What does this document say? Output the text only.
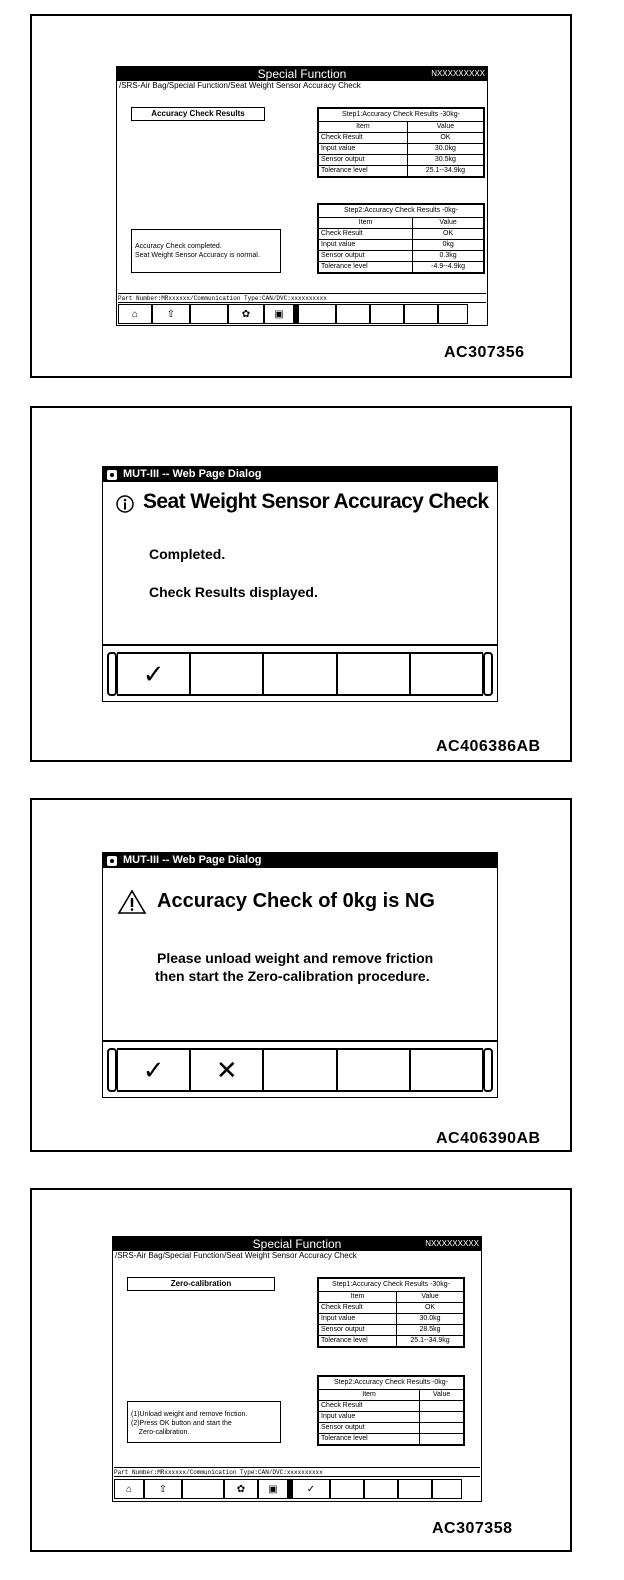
Special Function	NXXXXXXXXX
/SRS-Air Bag/Special Function/Seat Weight Sensor Accuracy Check
Accuracy Check Results
Accuracy Check completed.
Seat Weight Sensor Accuracy is normal.
Step1:Accuracy Check Results -30kg-	
Item	Value
Check Result	OK
Input value	30.0kg
Sensor output	30.5kg
Tolerance level	25.1--34.9kg
Step2:Accuracy Check Results -0kg-	
Item	Value
Check Result	OK
Input value	0kg
Sensor output	0.3kg
Tolerance level	-4.9--4.9kg
Part Number:MRxxxxxx/Communication Type:CAN/DVC:xxxxxxxxxx
⌂	⇧	✿ ▣
AC307356
MUT-III -- Web Page Dialog
Seat Weight Sensor Accuracy Check
Completed.
Check Results displayed.
✓
AC406386AB
MUT-III -- Web Page Dialog
Accuracy Check of 0kg is NG
Please unload weight and remove friction
then start the Zero-calibration procedure.
✓ ✕
AC406390AB
Special Function	NXXXXXXXXX
/SRS-Air Bag/Special Function/Seat Weight Sensor Accuracy Check
Zero-calibration
(1)Unload weight and remove friction.
(2)Press OK button and start the
Zero-calibration.
Step1:Accuracy Check Results -30kg-	
Item	Value
Check Result	OK
Input value	30.0kg
Sensor output	28.5kg
Tolerance level	25.1--34.9kg
Step2:Accuracy Check Results -0kg-	
Item	Value
Check Result	
Input value	
Sensor output	
Tolerance level	
Part Number:MRxxxxxx/Communication Type:CAN/DVC:xxxxxxxxxx
⌂	⇧	✿ ▣	✓
AC307358
